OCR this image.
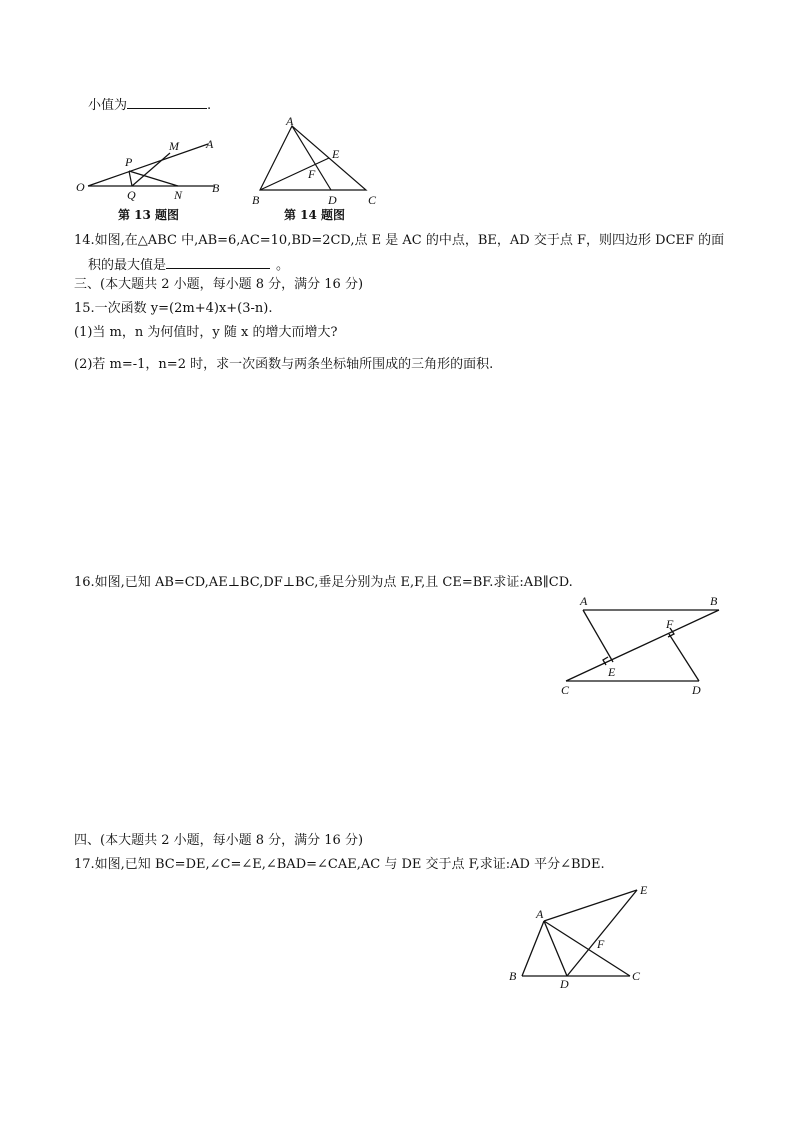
小值为	.
O
P
Q
M
N
A
B
第 13 题图
A
B	C
D
E
F
第 14 题图
14.如图,在△ABC 中,AB=6,AC=10,BD=2CD,点 E 是 AC 的中点，BE，AD 交于点 F，则四边形 DCEF 的面
积的最大值是	。
三、(本大题共 2 小题，每小题 8 分，满分 16 分)
15.一次函数 y=(2m+4)x+(3-n).
(1)当 m，n 为何值时，y 随 x 的增大而增大?
(2)若 m=-1，n=2 时，求一次函数与两条坐标轴所围成的三角形的面积.
16.如图,已知 AB=CD,AE⊥BC,DF⊥BC,垂足分别为点 E,F,且 CE=BF.求证:AB∥CD.
A	B
C	D
E
F
四、(本大题共 2 小题，每小题 8 分，满分 16 分)
17.如图,已知 BC=DE,∠C=∠E,∠BAD=∠CAE,AC 与 DE 交于点 F,求证:AD 平分∠BDE.
A
B	C
D
E
F
